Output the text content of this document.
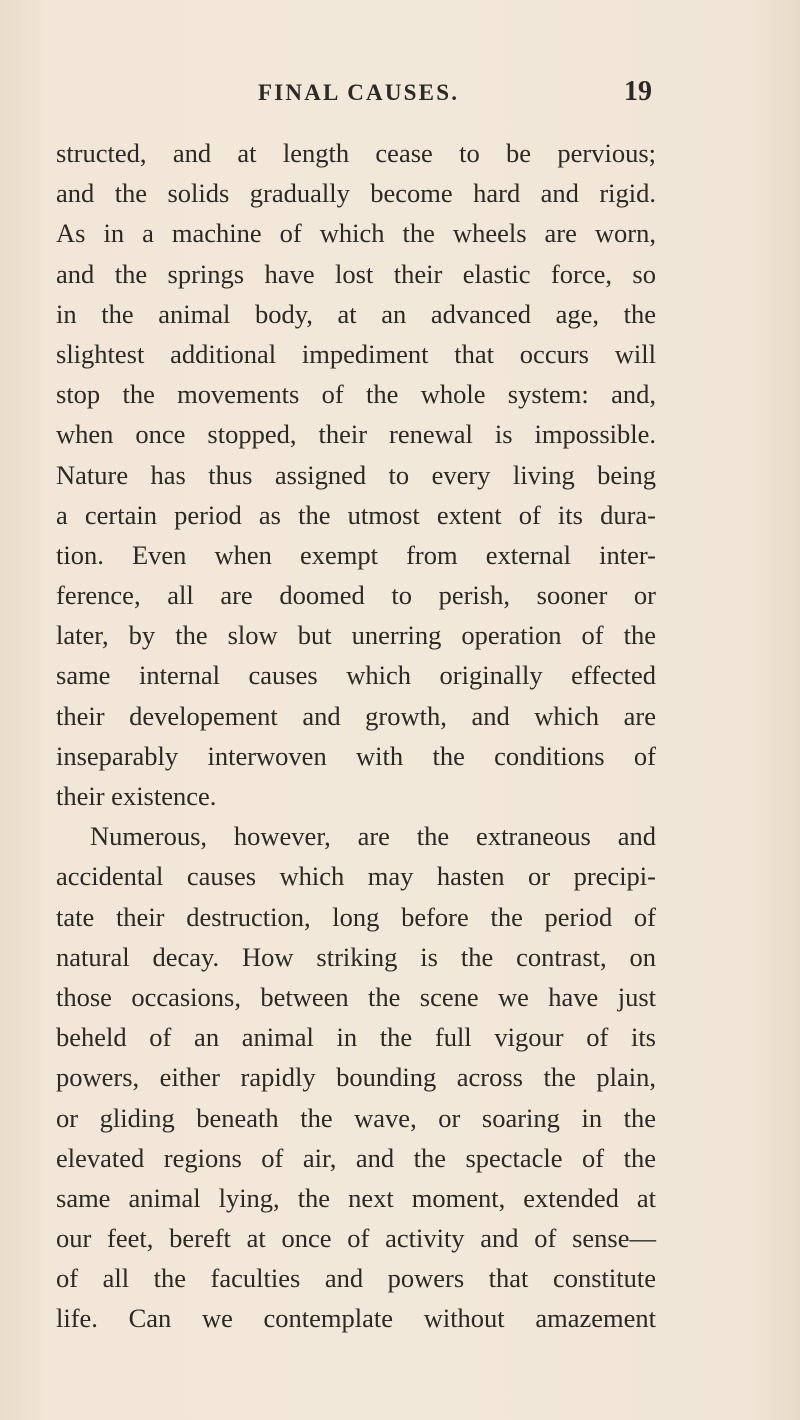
FINAL CAUSES.	19
structed, and at length cease to be pervious;
and the solids gradually become hard and rigid.
As in a machine of which the wheels are worn,
and the springs have lost their elastic force, so
in the animal body, at an advanced age, the
slightest additional impediment that occurs will
stop the movements of the whole system: and,
when once stopped, their renewal is impossible.
Nature has thus assigned to every living being
a certain period as the utmost extent of its dura-
tion. Even when exempt from external inter-
ference, all are doomed to perish, sooner or
later, by the slow but unerring operation of the
same internal causes which originally effected
their developement and growth, and which are
inseparably interwoven with the conditions of
their existence.
Numerous, however, are the extraneous and
accidental causes which may hasten or precipi-
tate their destruction, long before the period of
natural decay. How striking is the contrast, on
those occasions, between the scene we have just
beheld of an animal in the full vigour of its
powers, either rapidly bounding across the plain,
or gliding beneath the wave, or soaring in the
elevated regions of air, and the spectacle of the
same animal lying, the next moment, extended at
our feet, bereft at once of activity and of sense—
of all the faculties and powers that constitute
life. Can we contemplate without amazement
